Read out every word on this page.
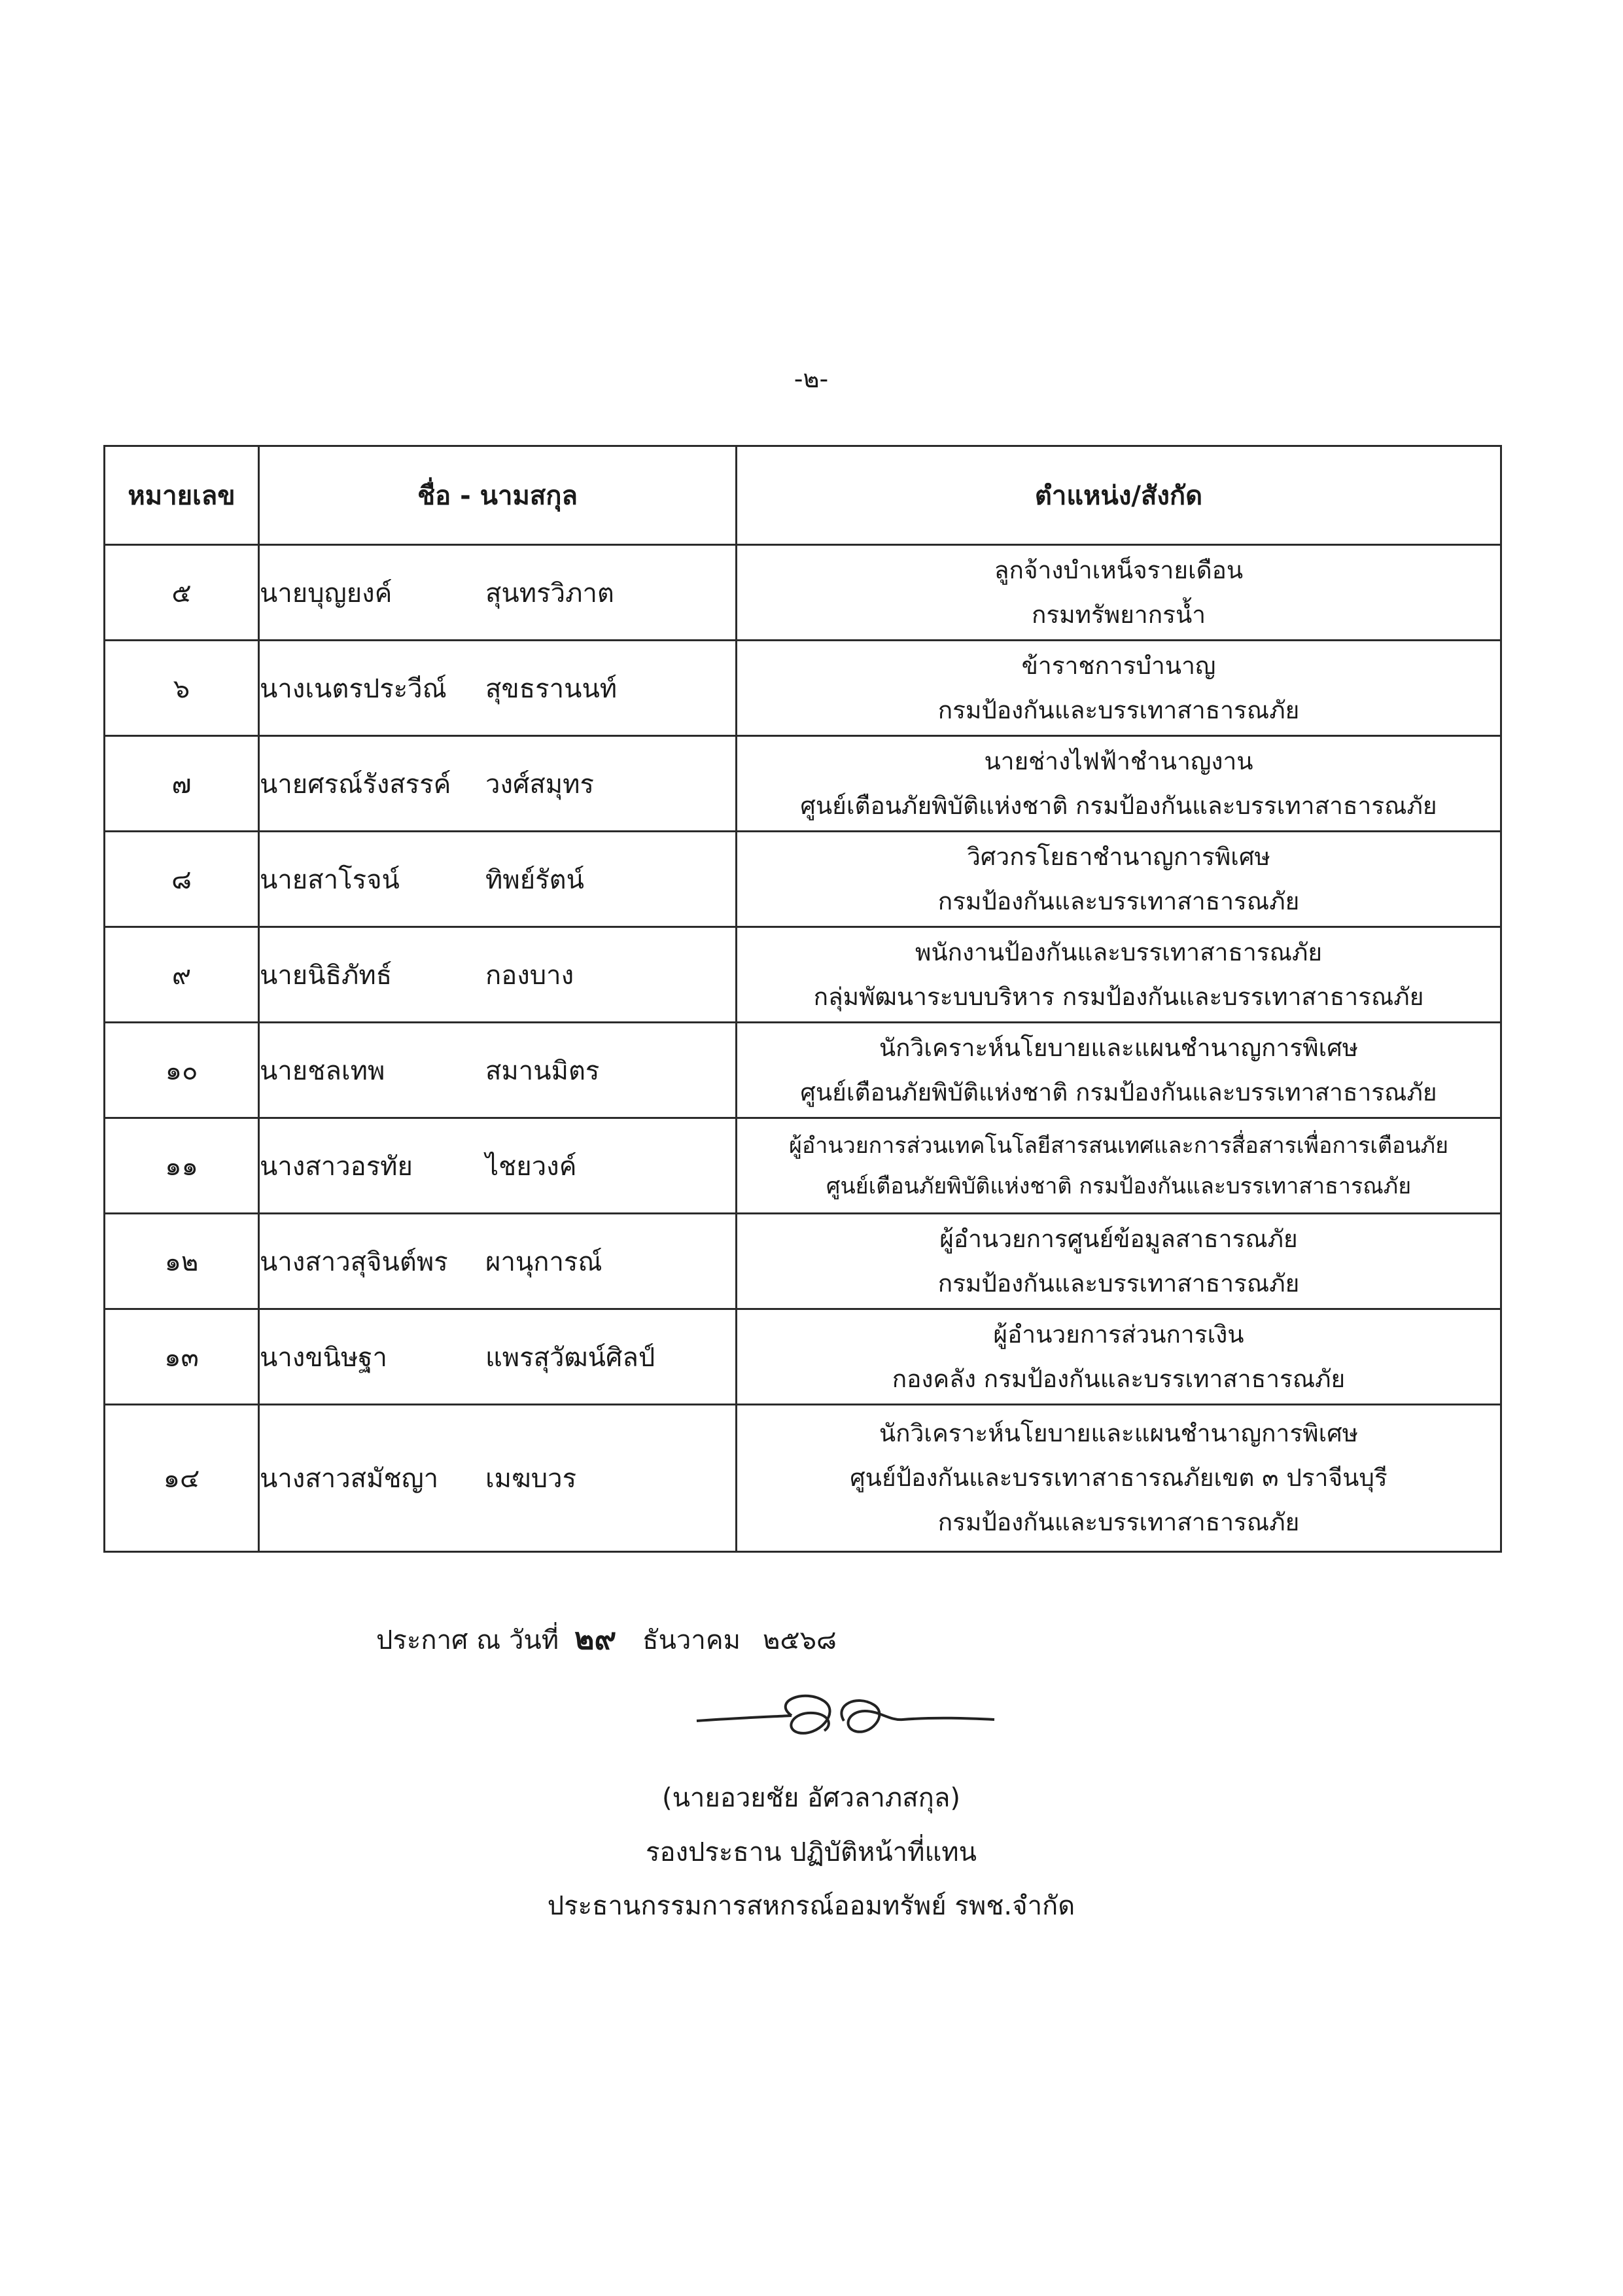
-๒-
หมายเลข	ชื่อ - นามสกุล	ตำแหน่ง/สังกัด
๕	นายบุญยงค์ สุนทรวิภาต	ลูกจ้างบำเหน็จรายเดือน
กรมทรัพยากรน้ำ

๖	นางเนตรประวีณ์ สุขธรานนท์	ข้าราชการบำนาญ
กรมป้องกันและบรรเทาสาธารณภัย

๗	นายศรณ์รังสรรค์ วงศ์สมุทร	นายช่างไฟฟ้าชำนาญงาน
ศูนย์เตือนภัยพิบัติแห่งชาติ กรมป้องกันและบรรเทาสาธารณภัย

๘	นายสาโรจน์ ทิพย์รัตน์	วิศวกรโยธาชำนาญการพิเศษ
กรมป้องกันและบรรเทาสาธารณภัย

๙	นายนิธิภัทธ์ กองบาง	พนักงานป้องกันและบรรเทาสาธารณภัย
กลุ่มพัฒนาระบบบริหาร กรมป้องกันและบรรเทาสาธารณภัย

๑๐	นายชลเทพ สมานมิตร	นักวิเคราะห์นโยบายและแผนชำนาญการพิเศษ
ศูนย์เตือนภัยพิบัติแห่งชาติ กรมป้องกันและบรรเทาสาธารณภัย

๑๑	นางสาวอรทัย ไชยวงค์	ผู้อำนวยการส่วนเทคโนโลยีสารสนเทศและการสื่อสารเพื่อการเตือนภัย
ศูนย์เตือนภัยพิบัติแห่งชาติ กรมป้องกันและบรรเทาสาธารณภัย

๑๒	นางสาวสุจินต์พร ผานุการณ์	ผู้อำนวยการศูนย์ข้อมูลสาธารณภัย
กรมป้องกันและบรรเทาสาธารณภัย

๑๓	นางขนิษฐา แพรสุวัฒน์ศิลป์	ผู้อำนวยการส่วนการเงิน
กองคลัง กรมป้องกันและบรรเทาสาธารณภัย

๑๔	นางสาวสมัชญา เมฆบวร	นักวิเคราะห์นโยบายและแผนชำนาญการพิเศษ
ศูนย์ป้องกันและบรรเทาสาธารณภัยเขต ๓ ปราจีนบุรี
กรมป้องกันและบรรเทาสาธารณภัย
ประกาศ ณ วันที่ ๒๙ ธันวาคม ๒๕๖๘
(นายอวยชัย อัศวลาภสกุล)
รองประธาน ปฏิบัติหน้าที่แทน
ประธานกรรมการสหกรณ์ออมทรัพย์ รพช.จำกัด
